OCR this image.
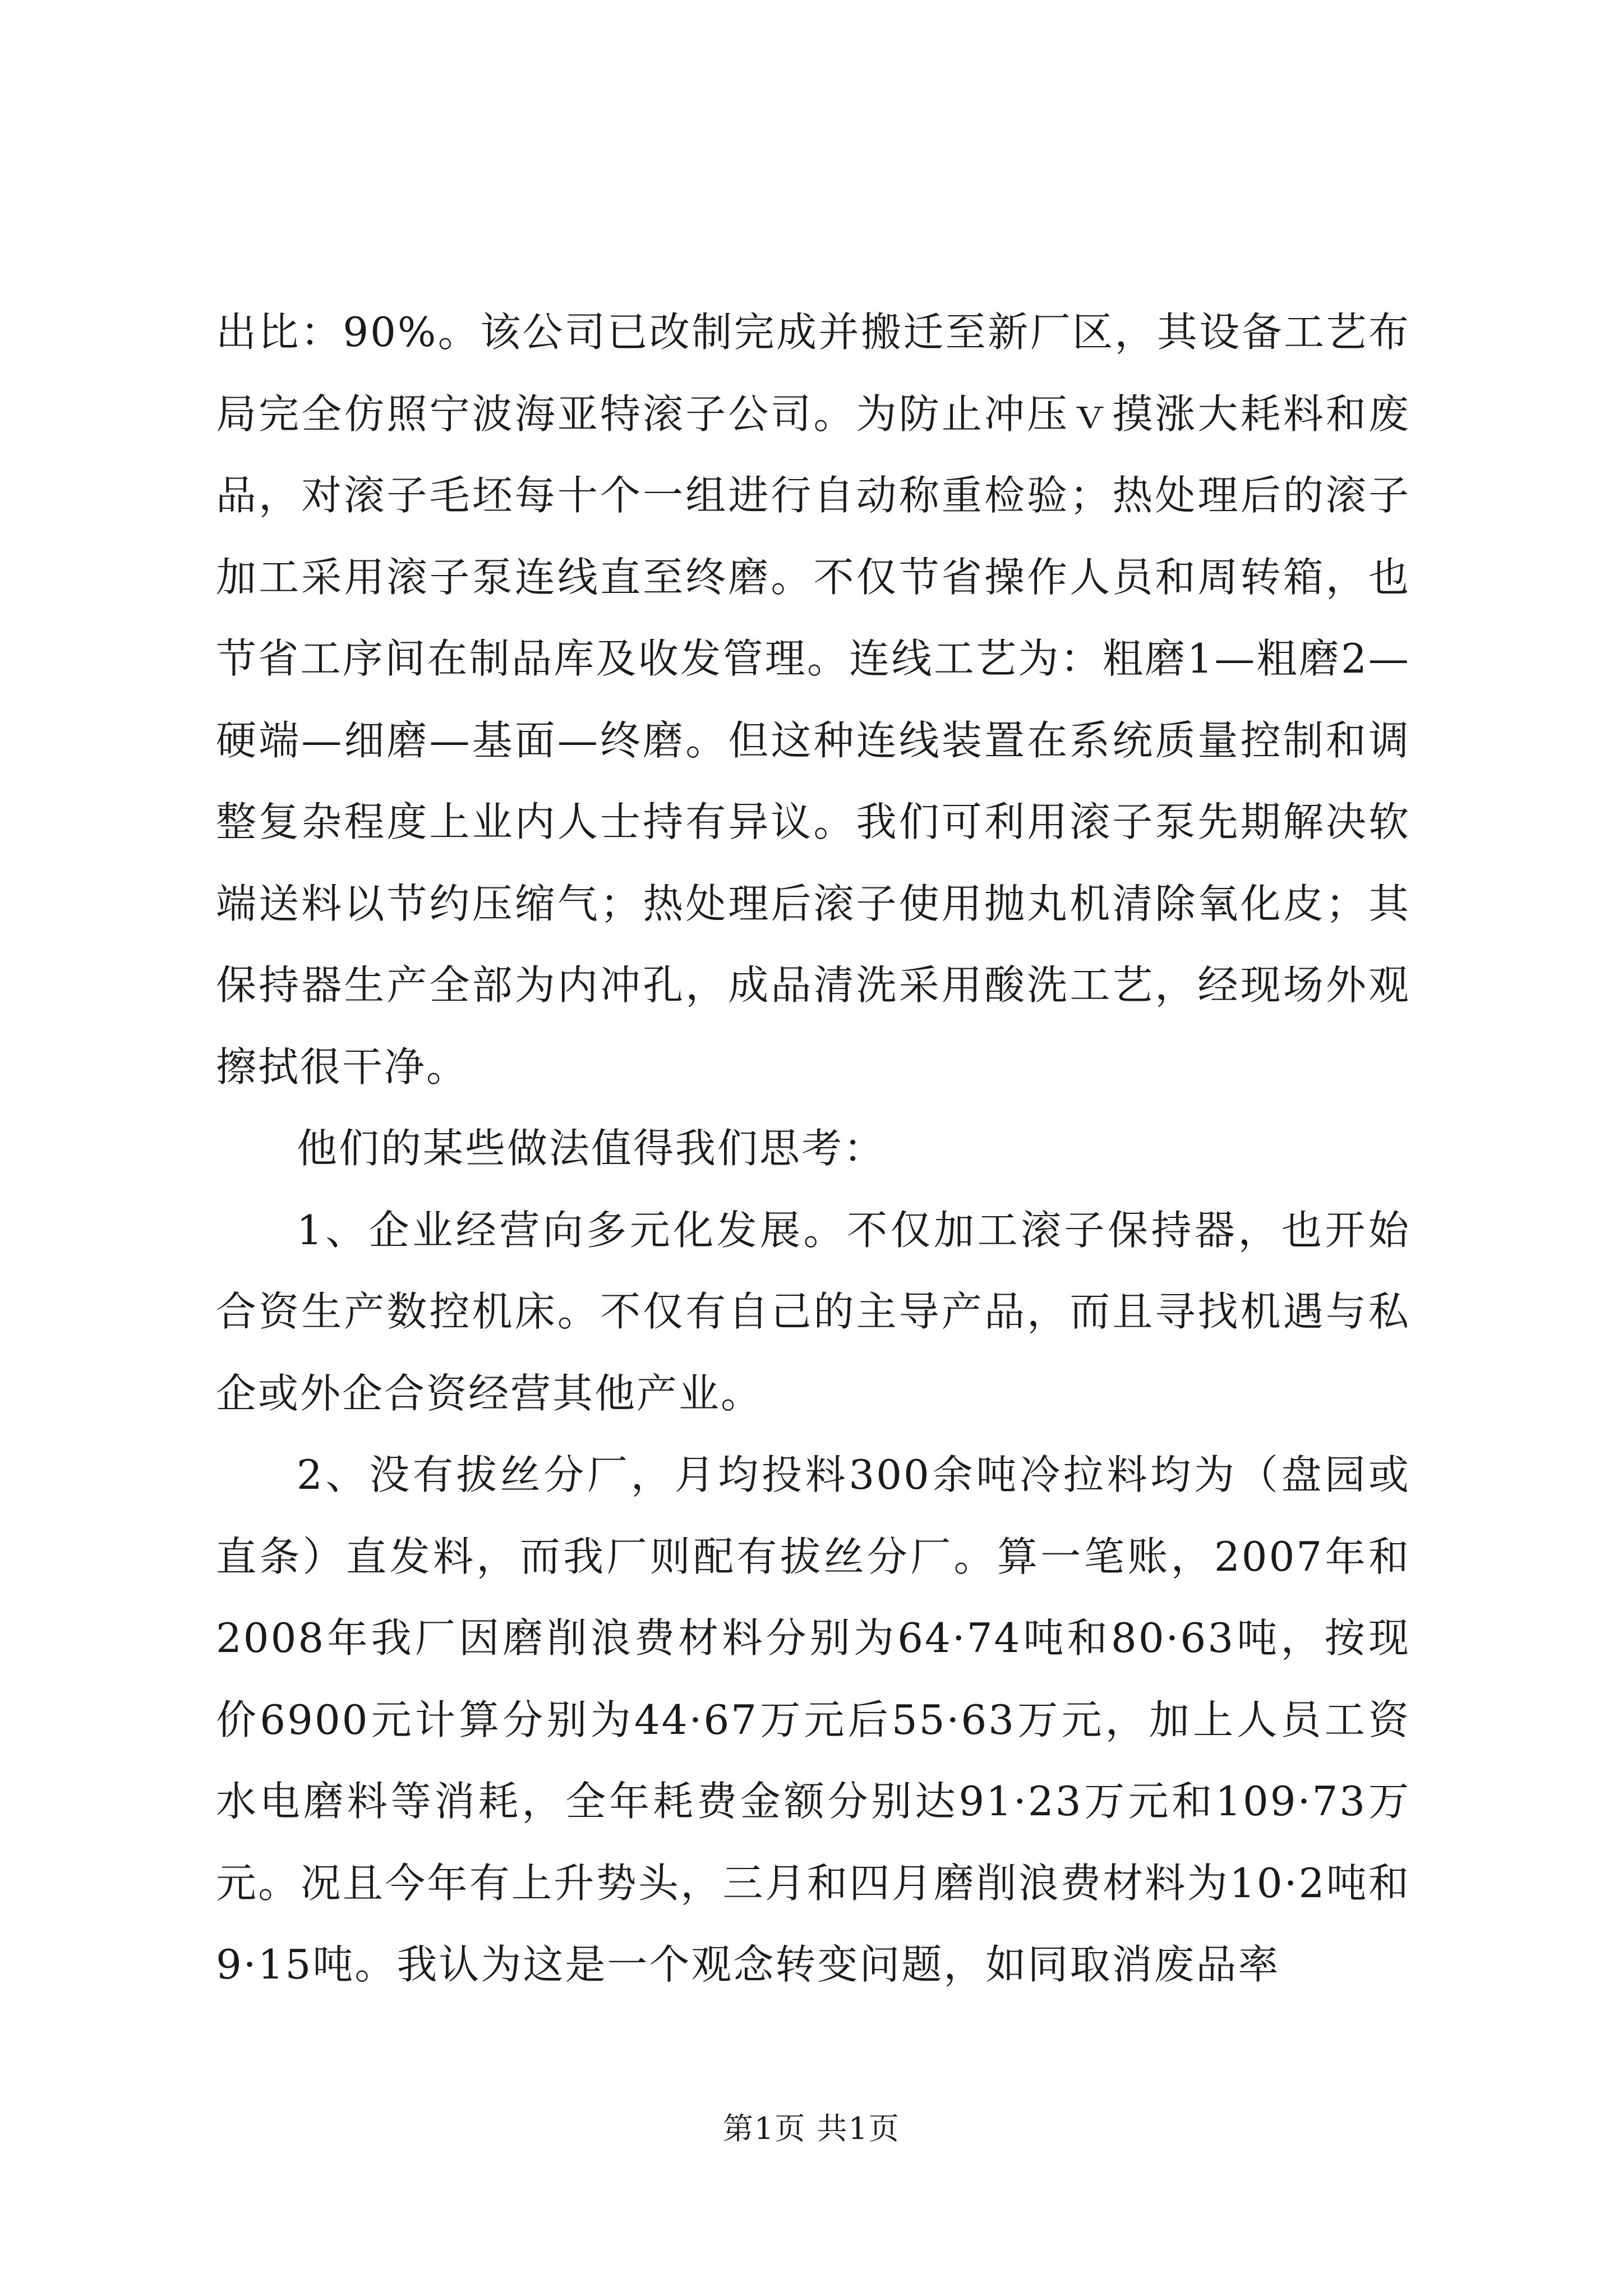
出比：90%。该公司已改制完成并搬迁至新厂区，其设备工艺布局完全仿照宁波海亚特滚子公司。为防止冲压ｖ摸涨大耗料和废品，对滚子毛坯每十个一组进行自动称重检验；热处理后的滚子加工采用滚子泵连线直至终磨。不仅节省操作人员和周转箱，也节省工序间在制品库及收发管理。连线工艺为：粗磨1—粗磨2—硬端—细磨—基面—终磨。但这种连线装置在系统质量控制和调整复杂程度上业内人士持有异议。我们可利用滚子泵先期解决软端送料以节约压缩气；热处理后滚子使用抛丸机清除氧化皮；其保持器生产全部为内冲孔，成品清洗采用酸洗工艺，经现场外观擦拭很干净。

他们的某些做法值得我们思考：

1、企业经营向多元化发展。不仅加工滚子保持器，也开始合资生产数控机床。不仅有自己的主导产品，而且寻找机遇与私企或外企合资经营其他产业。

2、没有拔丝分厂，月均投料300余吨冷拉料均为（盘园或直条）直发料，而我厂则配有拔丝分厂。算一笔账，2007年和2008年我厂因磨削浪费材料分别为64·74吨和80·63吨，按现价6900元计算分别为44·67万元后55·63万元，加上人员工资水电磨料等消耗，全年耗费金额分别达91·23万元和109·73万元。况且今年有上升势头，三月和四月磨削浪费材料为10·2吨和9·15吨。我认为这是一个观念转变问题，如同取消废品率

第1页 共1页
